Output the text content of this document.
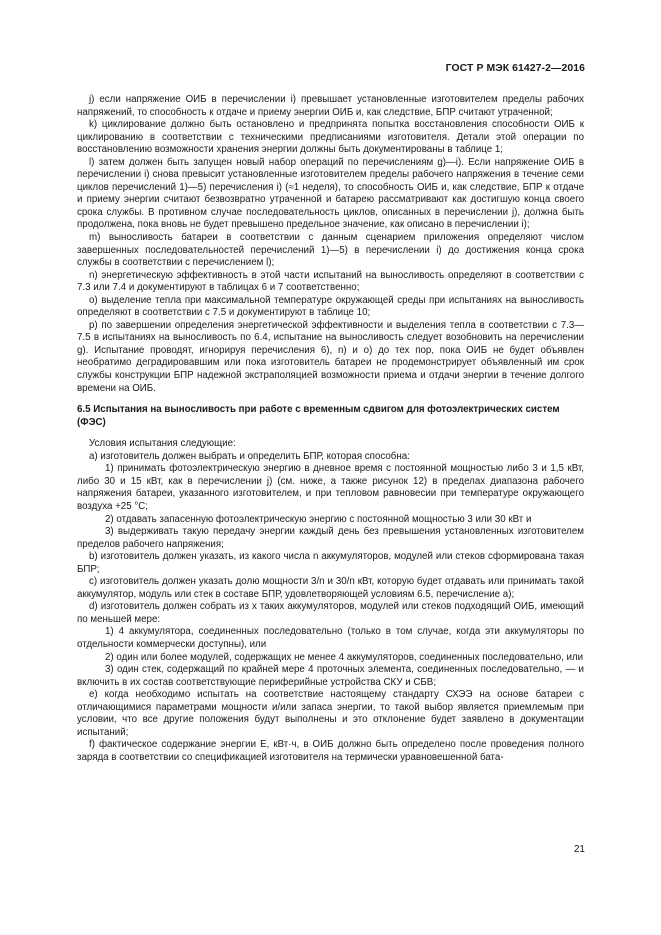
ГОСТ Р МЭК 61427-2—2016

j) если напряжение ОИБ в перечислении i) превышает установленные изготовителем пределы рабочих напряжений, то способность к отдаче и приему энергии ОИБ и, как следствие, БПР считают утраченной;

k) циклирование должно быть остановлено и предпринята попытка восстановления способности ОИБ к циклированию в соответствии с техническими предписаниями изготовителя. Детали этой операции по восстановлению возможности хранения энергии должны быть документированы в таблице 1;

l) затем должен быть запущен новый набор операций по перечислениям g)—i). Если напряжение ОИБ в перечислении i) снова превысит установленные изготовителем пределы рабочего напряжения в течение семи циклов перечислений 1)—5) перечисления i) (≈1 неделя), то способность ОИБ и, как следствие, БПР к отдаче и приему энергии считают безвозвратно утраченной и батарею рассматривают как достигшую конца своего срока службы. В противном случае последовательность циклов, описанных в перечислении j), должна быть продолжена, пока вновь не будет превышено предельное значение, как описано в перечислении i);

m) выносливость батареи в соответствии с данным сценарием приложения определяют числом завершенных последовательностей перечислений 1)—5) в перечислении i) до достижения конца срока службы в соответствии с перечислением l);

n) энергетическую эффективность в этой части испытаний на выносливость определяют в соответствии с 7.3 или 7.4 и документируют в таблицах 6 и 7 соответственно;

o) выделение тепла при максимальной температуре окружающей среды при испытаниях на выносливость определяют в соответствии с 7.5 и документируют в таблице 10;

p) по завершении определения энергетической эффективности и выделения тепла в соответствии с 7.3—7.5 в испытаниях на выносливость по 6.4, испытание на выносливость следует возобновить на перечислении g). Испытание проводят, игнорируя перечисления 6), n) и o) до тех пор, пока ОИБ не будет объявлен необратимо деградировавшим или пока изготовитель батареи не продемонстрирует объявленный им срок службы конструкции БПР надежной экстраполяцией возможности приема и отдачи энергии в течение долгого времени на ОИБ.

6.5 Испытания на выносливость при работе с временным сдвигом для фотоэлектрических систем (ФЭС)

Условия испытания следующие:

a) изготовитель должен выбрать и определить БПР, которая способна:

1) принимать фотоэлектрическую энергию в дневное время с постоянной мощностью либо 3 и 1,5 кВт, либо 30 и 15 кВт, как в перечислении j) (см. ниже, а также рисунок 12) в пределах диапазона рабочего напряжения батареи, указанного изготовителем, и при тепловом равновесии при температуре окружающего воздуха +25 °С;

2) отдавать запасенную фотоэлектрическую энергию с постоянной мощностью 3 или 30 кВт и

3) выдерживать такую передачу энергии каждый день без превышения установленных изготовителем пределов рабочего напряжения;

b) изготовитель должен указать, из какого числа n аккумуляторов, модулей или стеков сформирована такая БПР;

c) изготовитель должен указать долю мощности 3/n и 30/n кВт, которую будет отдавать или принимать такой аккумулятор, модуль или стек в составе БПР, удовлетворяющей условиям 6.5, перечисление a);

d) изготовитель должен собрать из x таких аккумуляторов, модулей или стеков подходящий ОИБ, имеющий по меньшей мере:

1) 4 аккумулятора, соединенных последовательно (только в том случае, когда эти аккумуляторы по отдельности коммерчески доступны), или

2) один или более модулей, содержащих не менее 4 аккумуляторов, соединенных последовательно, или

3) один стек, содержащий по крайней мере 4 проточных элемента, соединенных последовательно, — и включить в их состав соответствующие периферийные устройства СКУ и СБВ;

e) когда необходимо испытать на соответствие настоящему стандарту СХЭЭ на основе батареи с отличающимися параметрами мощности и/или запаса энергии, то такой выбор является приемлемым при условии, что все другие положения будут выполнены и это отклонение будет заявлено в документации испытаний;

f) фактическое содержание энергии E, кВт·ч, в ОИБ должно быть определено после проведения полного заряда в соответствии со спецификацией изготовителя на термически уравновешенной бата-

21
